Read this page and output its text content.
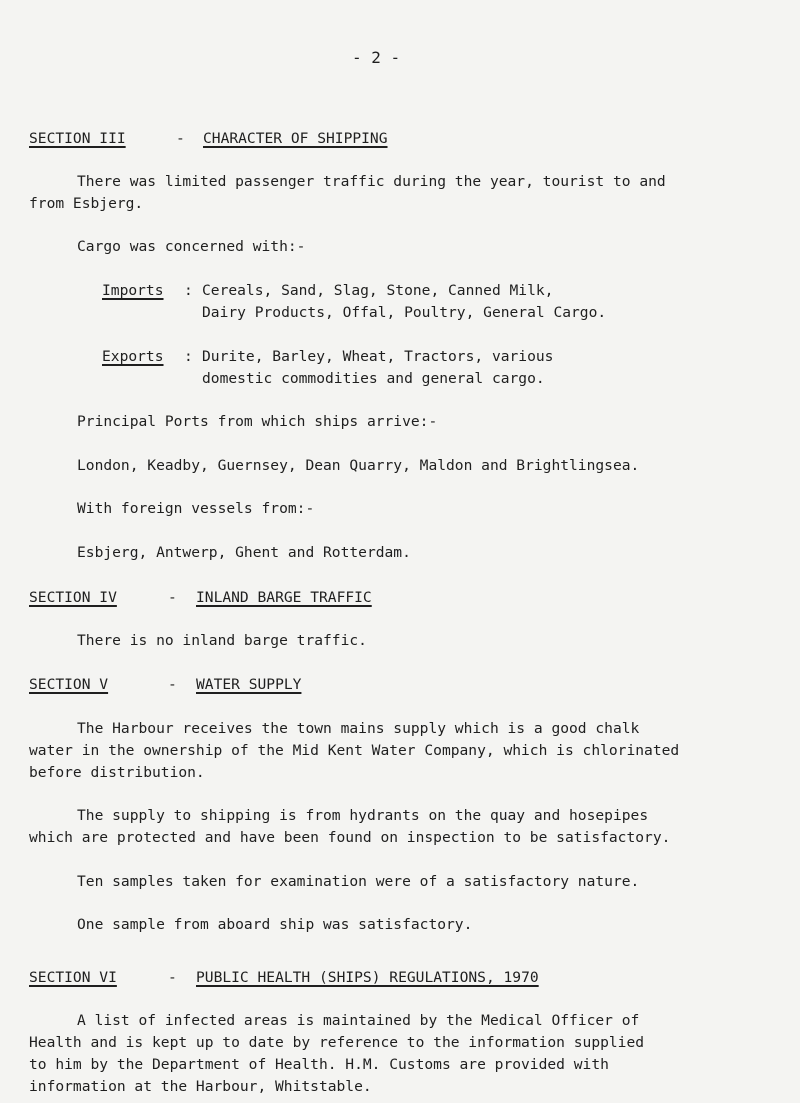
- 2 -
SECTION III	- CHARACTER OF SHIPPING
There was limited passenger traffic during the year, tourist to and
from Esbjerg.
Cargo was concerned with:-
Imports : Cereals, Sand, Slag, Stone, Canned Milk,
Dairy Products, Offal, Poultry, General Cargo.
Exports : Durite, Barley, Wheat, Tractors, various
domestic commodities and general cargo.
Principal Ports from which ships arrive:-
London, Keadby, Guernsey, Dean Quarry, Maldon and Brightlingsea.
With foreign vessels from:-
Esbjerg, Antwerp, Ghent and Rotterdam.
SECTION IV	- INLAND BARGE TRAFFIC
There is no inland barge traffic.
SECTION V	- WATER SUPPLY
The Harbour receives the town mains supply which is a good chalk
water in the ownership of the Mid Kent Water Company, which is chlorinated
before distribution.
The supply to shipping is from hydrants on the quay and hosepipes
which are protected and have been found on inspection to be satisfactory.
Ten samples taken for examination were of a satisfactory nature.
One sample from aboard ship was satisfactory.
SECTION VI	- PUBLIC HEALTH (SHIPS) REGULATIONS, 1970
A list of infected areas is maintained by the Medical Officer of
Health and is kept up to date by reference to the information supplied
to him by the Department of Health. H.M. Customs are provided with
information at the Harbour, Whitstable.
